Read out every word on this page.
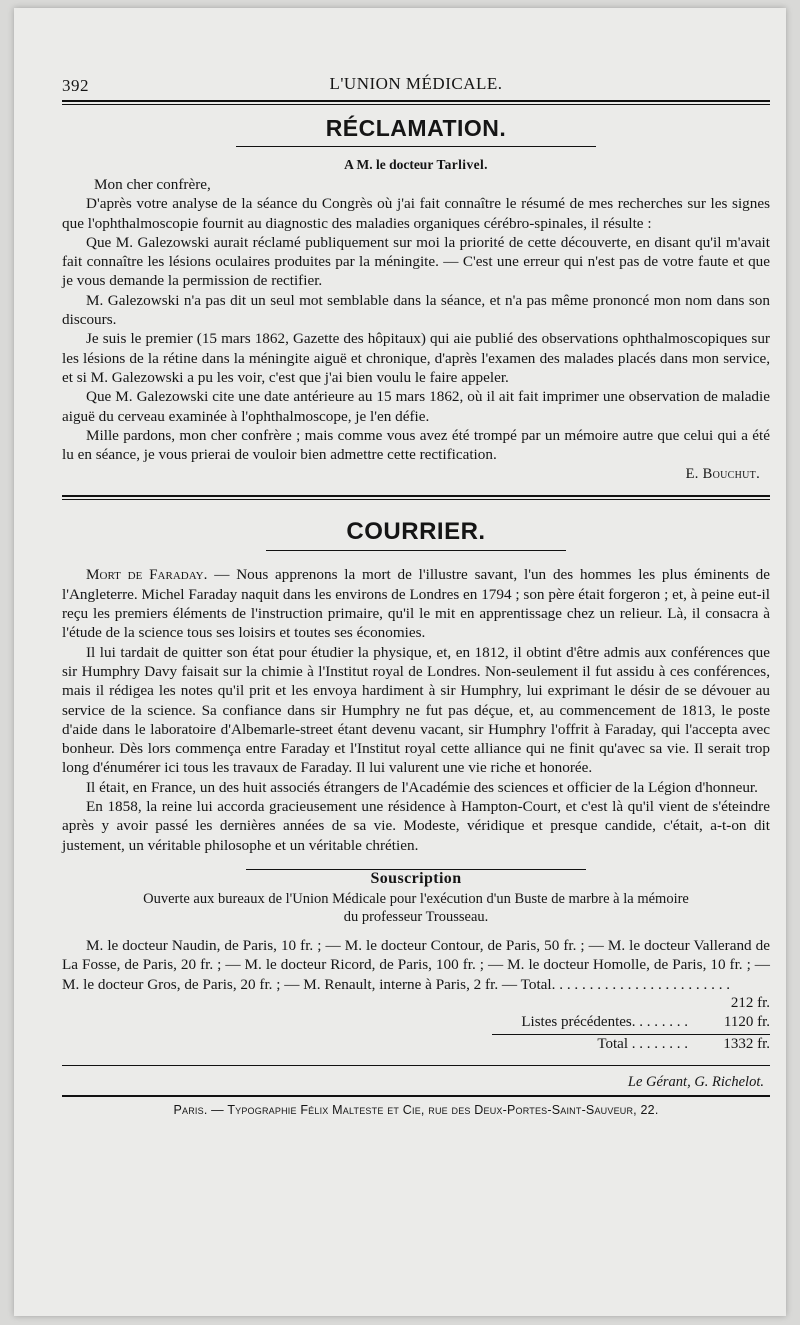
392	L'UNION MÉDICALE.
RÉCLAMATION.
A M. le docteur Tarlivel.

Mon cher confrère,

D'après votre analyse de la séance du Congrès où j'ai fait connaître le résumé de mes recherches sur les signes que l'ophthalmoscopie fournit au diagnostic des maladies organiques cérébro-spinales, il résulte :

Que M. Galezowski aurait réclamé publiquement sur moi la priorité de cette découverte, en disant qu'il m'avait fait connaître les lésions oculaires produites par la méningite. — C'est une erreur qui n'est pas de votre faute et que je vous demande la permission de rectifier.

M. Galezowski n'a pas dit un seul mot semblable dans la séance, et n'a pas même prononcé mon nom dans son discours.

Je suis le premier (15 mars 1862, Gazette des hôpitaux) qui aie publié des observations ophthalmoscopiques sur les lésions de la rétine dans la méningite aiguë et chronique, d'après l'examen des malades placés dans mon service, et si M. Galezowski a pu les voir, c'est que j'ai bien voulu le faire appeler.

Que M. Galezowski cite une date antérieure au 15 mars 1862, où il ait fait imprimer une observation de maladie aiguë du cerveau examinée à l'ophthalmoscope, je l'en défie.

Mille pardons, mon cher confrère ; mais comme vous avez été trompé par un mémoire autre que celui qui a été lu en séance, je vous prierai de vouloir bien admettre cette rectification.

E. Bouchut.
COURRIER.

Mort de Faraday. — Nous apprenons la mort de l'illustre savant, l'un des hommes les plus éminents de l'Angleterre. Michel Faraday naquit dans les environs de Londres en 1794 ; son père était forgeron ; et, à peine eut-il reçu les premiers éléments de l'instruction primaire, qu'il le mit en apprentissage chez un relieur. Là, il consacra à l'étude de la science tous ses loisirs et toutes ses économies.

Il lui tardait de quitter son état pour étudier la physique, et, en 1812, il obtint d'être admis aux conférences que sir Humphry Davy faisait sur la chimie à l'Institut royal de Londres. Non-seulement il fut assidu à ces conférences, mais il rédigea les notes qu'il prit et les envoya hardiment à sir Humphry, lui exprimant le désir de se dévouer au service de la science. Sa confiance dans sir Humphry ne fut pas déçue, et, au commencement de 1813, le poste d'aide dans le laboratoire d'Albemarle-street étant devenu vacant, sir Humphry l'offrit à Faraday, qui l'accepta avec bonheur. Dès lors commença entre Faraday et l'Institut royal cette alliance qui ne finit qu'avec sa vie. Il serait trop long d'énumérer ici tous les travaux de Faraday. Il lui valurent une vie riche et honorée.

Il était, en France, un des huit associés étrangers de l'Académie des sciences et officier de la Légion d'honneur.

En 1858, la reine lui accorda gracieusement une résidence à Hampton-Court, et c'est là qu'il vient de s'éteindre après y avoir passé les dernières années de sa vie. Modeste, véridique et presque candide, c'était, a-t-on dit justement, un véritable philosophe et un véritable chrétien.

Souscription
Ouverte aux bureaux de l'Union Médicale pour l'exécution d'un Buste de marbre à la mémoire
du professeur Trousseau.

M. le docteur Naudin, de Paris, 10 fr. ; — M. le docteur Contour, de Paris, 50 fr. ; — M. le docteur Vallerand de La Fosse, de Paris, 20 fr. ; — M. le docteur Ricord, de Paris, 100 fr. ; — M. le docteur Homolle, de Paris, 10 fr. ; — M. le docteur Gros, de Paris, 20 fr. ; — M. Renault, interne à Paris, 2 fr. — Total. . . . . . . . . . . . . . . . . . . . . . . .

212 fr.
Listes précédentes. . . . . . . .	1120 fr.
Total . . . . . . . .	1332 fr.
Le Gérant, G. Richelot.
Paris. — Typographie Félix Malteste et Cie, rue des Deux-Portes-Saint-Sauveur, 22.
